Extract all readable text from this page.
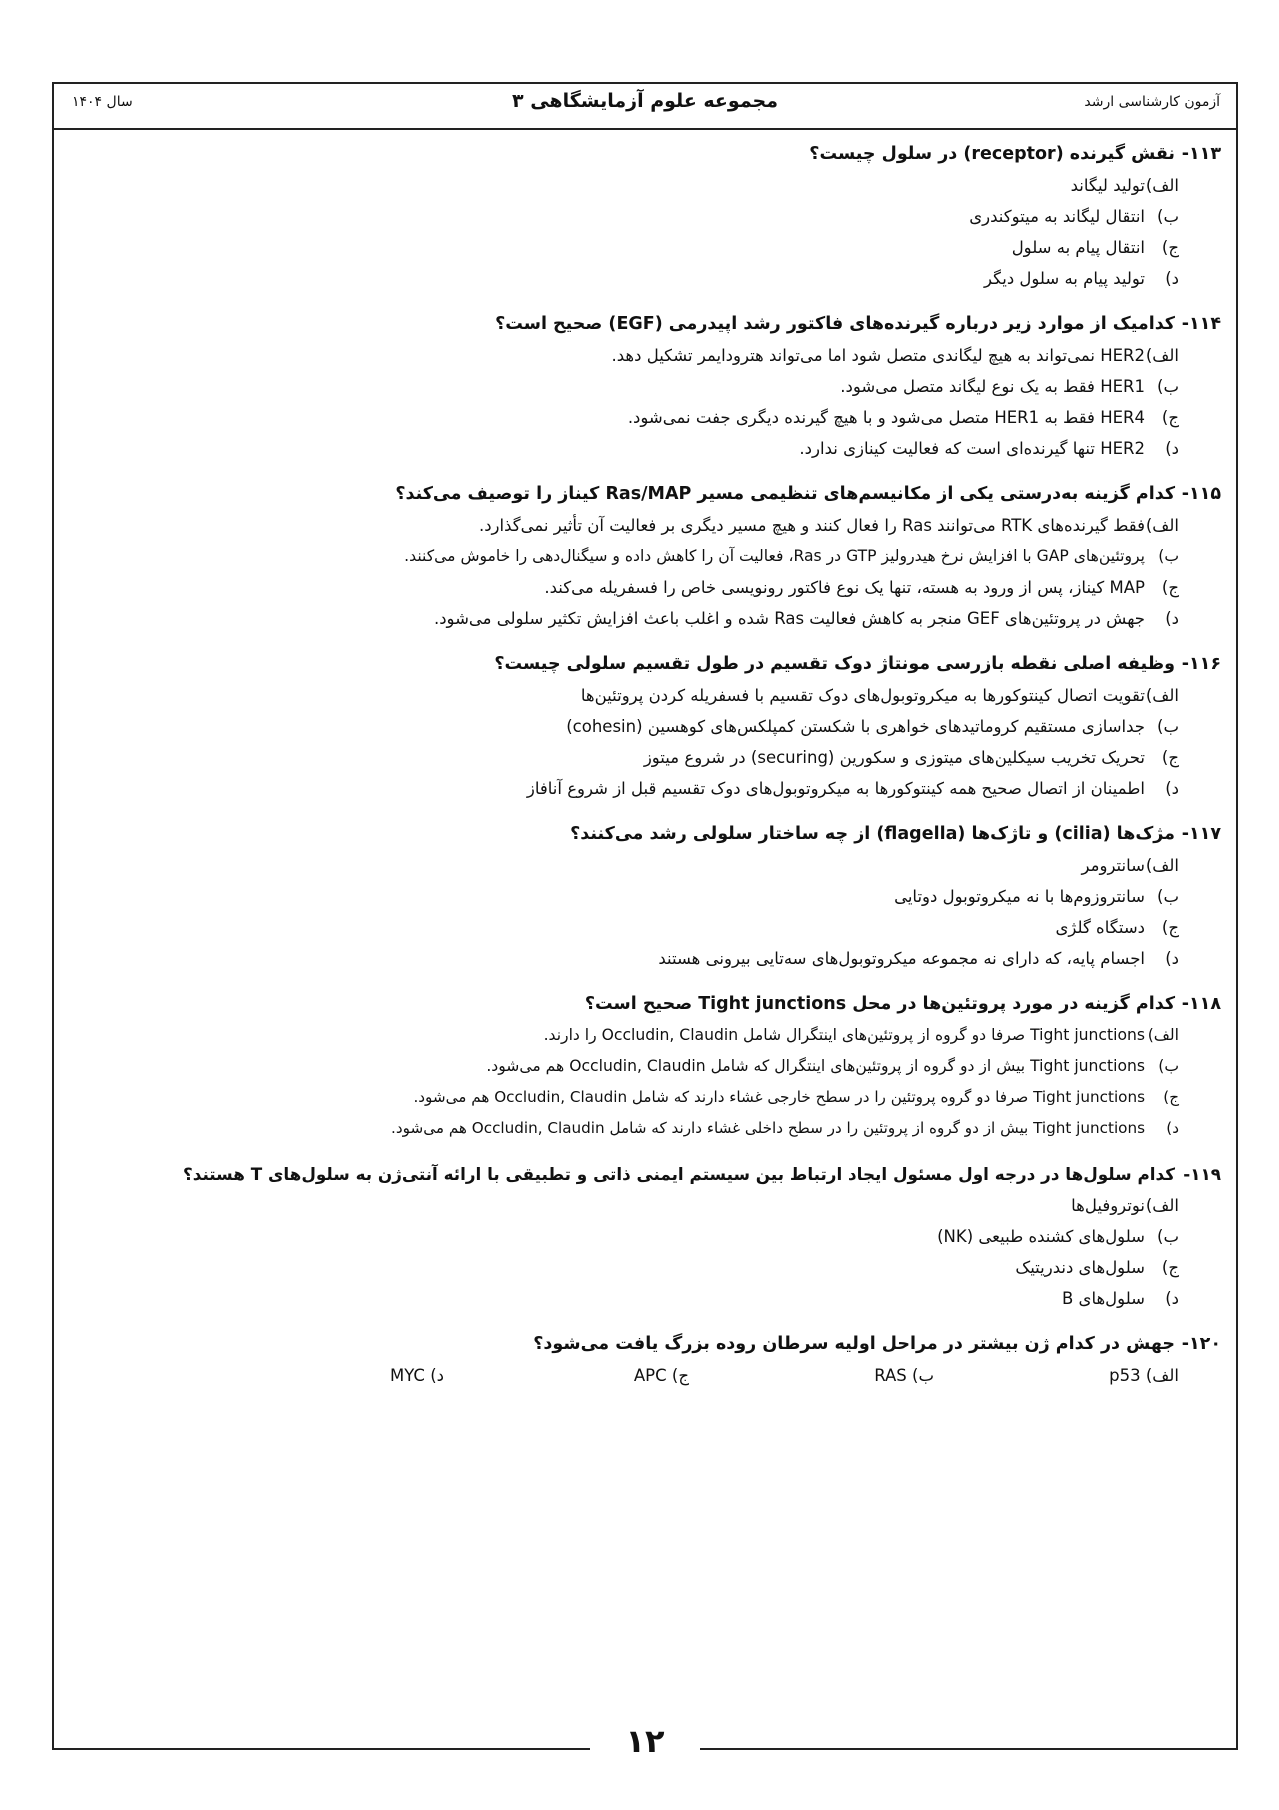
آزمون کارشناسی ارشد
مجموعه علوم آزمایشگاهی ۳
سال ۱۴۰۴
۱۱۳-نقش گیرنده (receptor) در سلول چیست؟
الف)تولید لیگاند
ب)انتقال لیگاند به میتوکندری
ج)انتقال پیام به سلول
د)تولید پیام به سلول دیگر
۱۱۴-کدامیک از موارد زیر درباره گیرنده‌های فاکتور رشد اپیدرمی (EGF) صحیح است؟
الف)HER2 نمی‌تواند به هیچ لیگاندی متصل شود اما می‌تواند هترودایمر تشکیل دهد.
ب)HER1 فقط به یک نوع لیگاند متصل می‌شود.
ج)HER4 فقط به HER1 متصل می‌شود و با هیچ گیرنده دیگری جفت نمی‌شود.
د)HER2 تنها گیرنده‌ای است که فعالیت کینازی ندارد.
۱۱۵-کدام گزینه به‌درستی یکی از مکانیسم‌های تنظیمی مسیر Ras/MAP کیناز را توصیف می‌کند؟
الف)فقط گیرنده‌های RTK می‌توانند Ras را فعال کنند و هیچ مسیر دیگری بر فعالیت آن تأثیر نمی‌گذارد.
ب)پروتئین‌های GAP با افزایش نرخ هیدرولیز GTP در Ras، فعالیت آن را کاهش داده و سیگنال‌دهی را خاموش می‌کنند.
ج)MAP کیناز، پس از ورود به هسته، تنها یک نوع فاکتور رونویسی خاص را فسفریله می‌کند.
د)جهش در پروتئین‌های GEF منجر به کاهش فعالیت Ras شده و اغلب باعث افزایش تکثیر سلولی می‌شود.
۱۱۶-وظیفه اصلی نقطه بازرسی مونتاژ دوک تقسیم در طول تقسیم سلولی چیست؟
الف)تقویت اتصال کینتوکورها به میکروتوبول‌های دوک تقسیم با فسفریله کردن پروتئین‌ها
ب)جداسازی مستقیم کروماتیدهای خواهری با شکستن کمپلکس‌های کوهسین (cohesin)
ج)تحریک تخریب سیکلین‌های میتوزی و سکورین (securing) در شروع میتوز
د)اطمینان از اتصال صحیح همه کینتوکورها به میکروتوبول‌های دوک تقسیم قبل از شروع آنافاز
۱۱۷-مژک‌ها (cilia) و تاژک‌ها (flagella) از چه ساختار سلولی رشد می‌کنند؟
الف)سانترومر
ب)سانتروزوم‌ها با نه میکروتوبول دوتایی
ج)دستگاه گلژی
د)اجسام پایه، که دارای نه مجموعه میکروتوبول‌های سه‌تایی بیرونی هستند
۱۱۸-کدام گزینه در مورد پروتئین‌ها در محل Tight junctions صحیح است؟
الف)Tight junctions صرفا دو گروه از پروتئین‌های اینتگرال شامل Occludin, Claudin را دارند.
ب)Tight junctions بیش از دو گروه از پروتئین‌های اینتگرال که شامل Occludin, Claudin هم می‌شود.
ج)Tight junctions صرفا دو گروه پروتئین را در سطح خارجی غشاء دارند که شامل Occludin, Claudin هم می‌شود.
د)Tight junctions بیش از دو گروه از پروتئین را در سطح داخلی غشاء دارند که شامل Occludin, Claudin هم می‌شود.
۱۱۹-کدام سلول‌ها در درجه اول مسئول ایجاد ارتباط بین سیستم ایمنی ذاتی و تطبیقی با ارائه آنتی‌ژن به سلول‌های T هستند؟
الف)نوتروفیل‌ها
ب)سلول‌های کشنده طبیعی (NK)
ج)سلول‌های دندریتیک
د)سلول‌های B
۱۲۰-جهش در کدام ژن بیشتر در مراحل اولیه سرطان روده بزرگ یافت می‌شود؟
الف) p53
ب) RAS
ج) APC
د) MYC
۱۲
